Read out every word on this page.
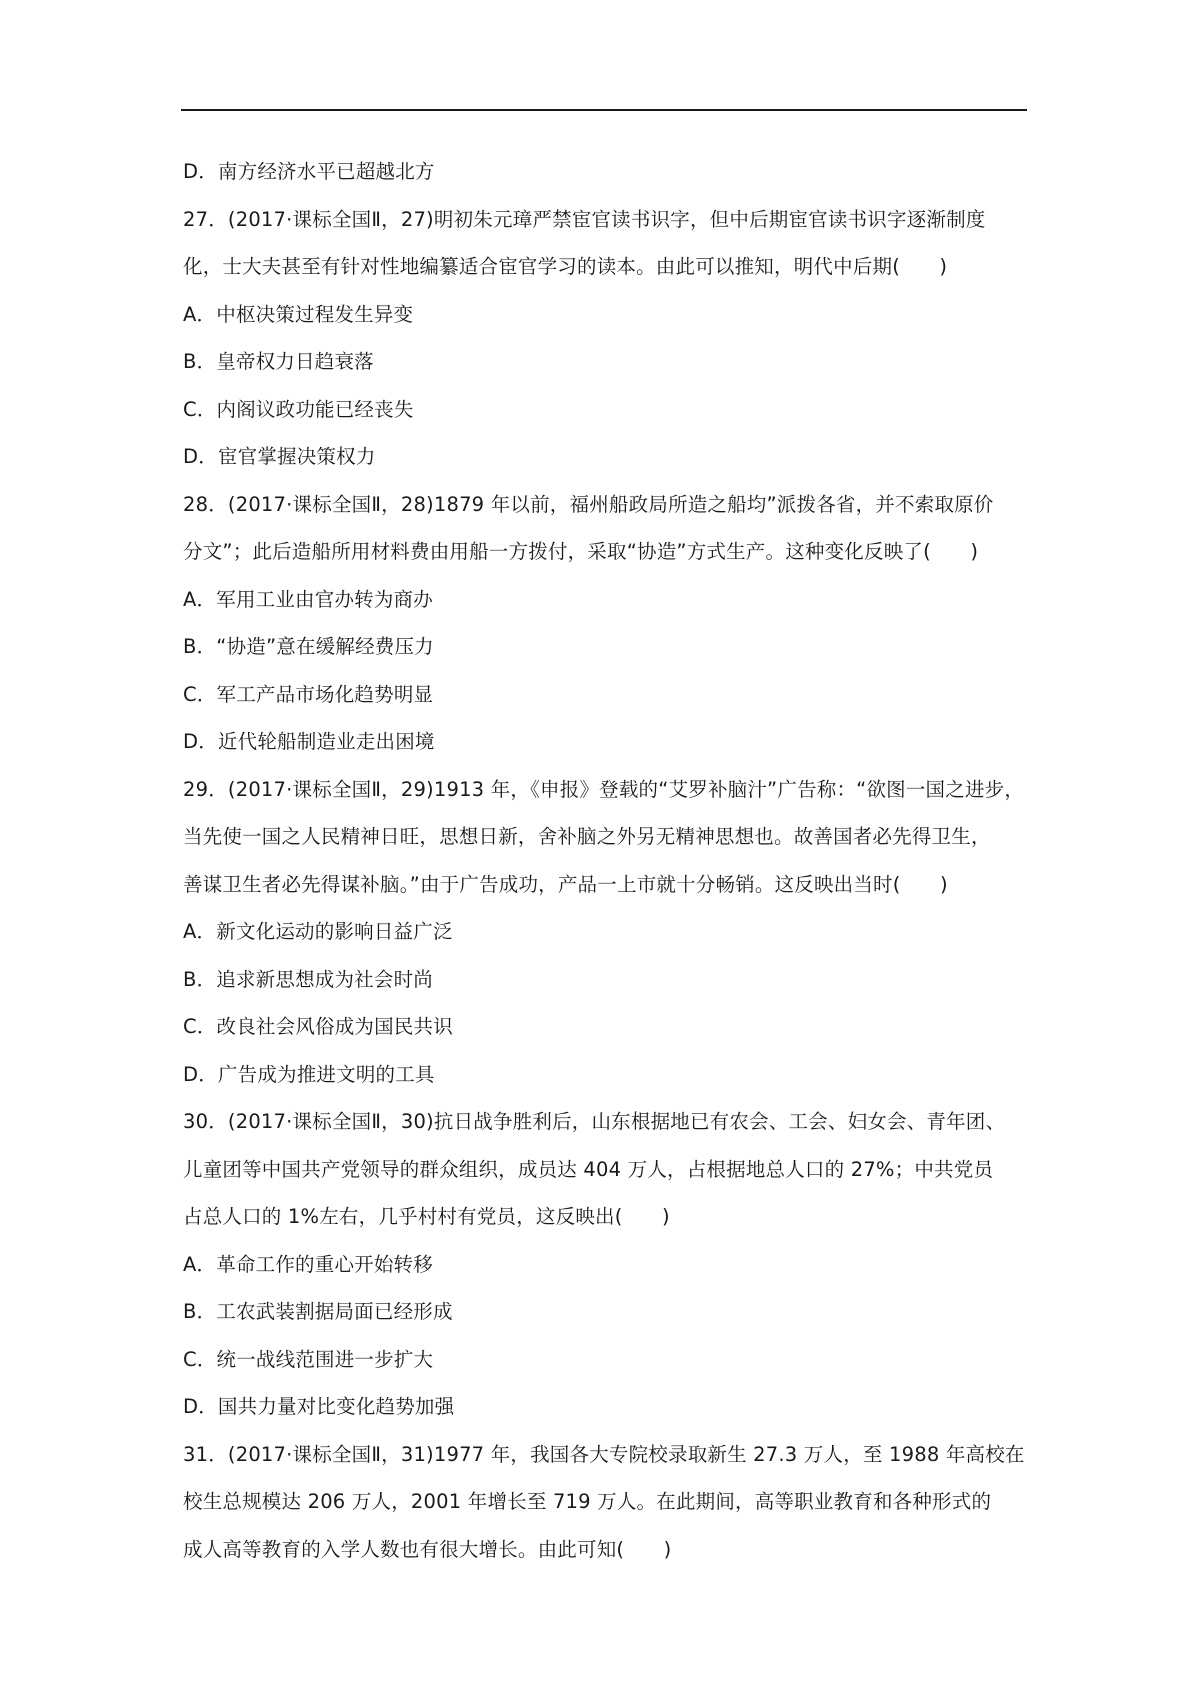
D．南方经济水平已超越北方
27．(2017·课标全国Ⅱ，27)明初朱元璋严禁宦官读书识字，但中后期宦官读书识字逐渐制度
化，士大夫甚至有针对性地编纂适合宦官学习的读本。由此可以推知，明代中后期(　　)
A．中枢决策过程发生异变
B．皇帝权力日趋衰落
C．内阁议政功能已经丧失
D．宦官掌握决策权力
28．(2017·课标全国Ⅱ，28)1879 年以前，福州船政局所造之船均”派拨各省，并不索取原价
分文”；此后造船所用材料费由用船一方拨付，采取“协造”方式生产。这种变化反映了(　　)
A．军用工业由官办转为商办
B．“协造”意在缓解经费压力
C．军工产品市场化趋势明显
D．近代轮船制造业走出困境
29．(2017·课标全国Ⅱ，29)1913 年，《申报》登载的“艾罗补脑汁”广告称：“欲图一国之进步，
当先使一国之人民精神日旺，思想日新，舍补脑之外另无精神思想也。故善国者必先得卫生，
善谋卫生者必先得谋补脑。”由于广告成功，产品一上市就十分畅销。这反映出当时(　　)
A．新文化运动的影响日益广泛
B．追求新思想成为社会时尚
C．改良社会风俗成为国民共识
D．广告成为推进文明的工具
30．(2017·课标全国Ⅱ，30)抗日战争胜利后，山东根据地已有农会、工会、妇女会、青年团、
儿童团等中国共产党领导的群众组织，成员达 404 万人，占根据地总人口的 27%；中共党员
占总人口的 1%左右，几乎村村有党员，这反映出(　　)
A．革命工作的重心开始转移
B．工农武装割据局面已经形成
C．统一战线范围进一步扩大
D．国共力量对比变化趋势加强
31．(2017·课标全国Ⅱ，31)1977 年，我国各大专院校录取新生 27.3 万人，至 1988 年高校在
校生总规模达 206 万人，2001 年增长至 719 万人。在此期间，高等职业教育和各种形式的
成人高等教育的入学人数也有很大增长。由此可知(　　)
